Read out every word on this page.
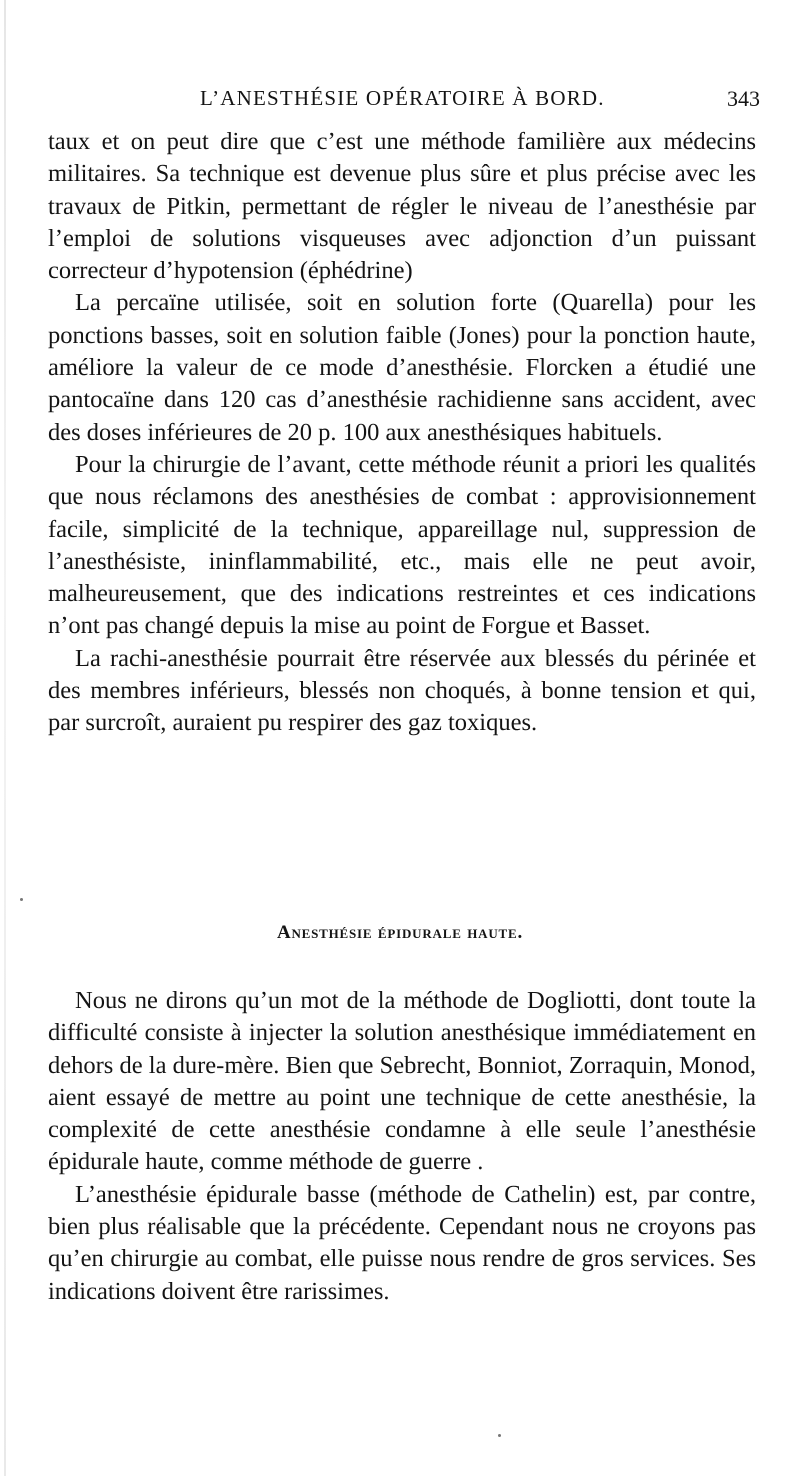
L’ANESTHÉSIE OPÉRATOIRE À BORD.	343

taux et on peut dire que c’est une méthode familière aux médecins militaires. Sa technique est devenue plus sûre et plus précise avec les travaux de Pitkin, permettant de régler le niveau de l’anesthésie par l’emploi de solutions visqueuses avec adjonction d’un puissant correcteur d’hypotension (éphédrine)

La percaïne utilisée, soit en solution forte (Quarella) pour les ponctions basses, soit en solution faible (Jones) pour la ponction haute, améliore la valeur de ce mode d’anesthésie. Florcken a étudié une pantocaïne dans 120 cas d’anesthésie rachidienne sans accident, avec des doses inférieures de 20 p. 100 aux anesthésiques habituels.

Pour la chirurgie de l’avant, cette méthode réunit a priori les qualités que nous réclamons des anesthésies de combat : approvisionnement facile, simplicité de la technique, appareillage nul, suppression de l’anesthésiste, ininflammabilité, etc., mais elle ne peut avoir, malheureusement, que des indications restreintes et ces indications n’ont pas changé depuis la mise au point de Forgue et Basset.

La rachi-anesthésie pourrait être réservée aux blessés du périnée et des membres inférieurs, blessés non choqués, à bonne tension et qui, par surcroît, auraient pu respirer des gaz toxiques.

Anesthésie épidurale haute.

Nous ne dirons qu’un mot de la méthode de Dogliotti, dont toute la difficulté consiste à injecter la solution anesthésique immédiatement en dehors de la dure-mère. Bien que Sebrecht, Bonniot, Zorraquin, Monod, aient essayé de mettre au point une technique de cette anesthésie, la complexité de cette anesthésie condamne à elle seule l’anesthésie épidurale haute, comme méthode de guerre .

L’anesthésie épidurale basse (méthode de Cathelin) est, par contre, bien plus réalisable que la précédente. Cependant nous ne croyons pas qu’en chirurgie au combat, elle puisse nous rendre de gros services. Ses indications doivent être rarissimes.
